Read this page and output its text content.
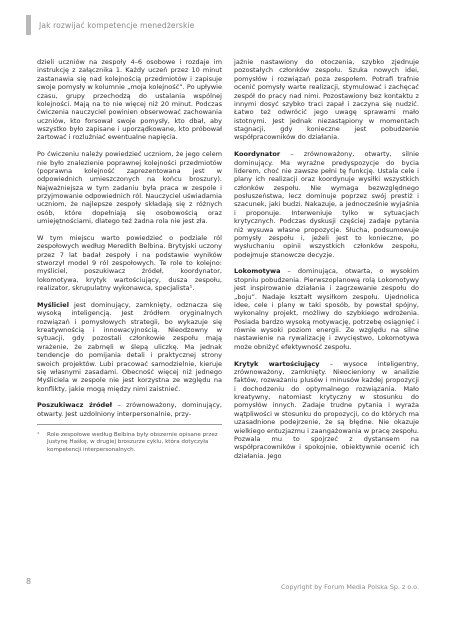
Jak rozwijać kompetencje menedżerskie

dzieli uczniów na zespoły 4–6 osobowe i rozdaje im instrukcję z załącznika 1. Każdy uczeń przez 10 minut zastanawia się nad kolejnością przedmiotów i zapisuje swoje pomysły w kolumnie „moja kolejność”. Po upływie czasu, grupy przechodzą do ustalania wspólnej kolejności. Mają na to nie więcej niż 20 minut. Podczas ćwiczenia nauczyciel powinien obserwować zachowania uczniów, kto forsował swoje pomysły, kto dbał, aby wszystko było zapisane i uporządkowane, kto próbował żartować i rozluźniać ewentualne napięcia.

Po ćwiczeniu należy powiedzieć uczniom, że jego celem nie było znalezienie poprawnej kolejności przedmiotów (poprawna kolejność zaprezentowana jest w odpowiednich umieszczonych na końcu broszury). Najważniejsza w tym zadaniu była praca w zespole i przyjmowanie odpowiednich ról. Nauczyciel uświadamia uczniom, że najlepsze zespoły składają się z różnych osób, które dopełniają się osobowością oraz umiejętnościami, dlatego też żadna rola nie jest zła.

W tym miejscu warto powiedzieć o podziale ról zespołowych według Meredith Belbina. Brytyjski uczony przez 7 lat badał zespoły i na podstawie wyników stworzył model 9 ról zespołowych. Te role to kolejno: myśliciel, poszukiwacz źródeł, koordynator, lokomotywa, krytyk wartościujący, dusza zespołu, realizator, skrupulatny wykonawca, specjalista¹.

Myśliciel jest dominujący, zamknięty, odznacza się wysoką inteligencją. Jest źródłem oryginalnych rozwiązań i pomysłowych strategii, bo wykazuje się kreatywnością i innowacyjnością. Nieodzowny w sytuacji, gdy pozostali członkowie zespołu mają wrażenie, że zabrnęli w ślepą uliczkę. Ma jednak tendencje do pomijania detali i praktycznej strony swoich projektów. Lubi pracować samodzielnie, kieruje się własnymi zasadami. Obecność więcej niż jednego Myśliciela w zespole nie jest korzystna ze względu na konflikty, jakie mogą między nimi zaistnieć.

Poszukiwacz źródeł – zrównoważony, dominujący, otwarty. Jest uzdolniony interpersonalnie, przy-

¹	Role zespołowe według Belbina były obszernie opisane przez Justynę Haśkę, w drugiej broszurze cyklu, która dotyczyła kompetencji interpersonalnych.

jaźnie nastawiony do otoczenia, szybko zjednuje pozostałych członków zespołu. Szuka nowych idei, pomysłów i rozwiązań poza zespołem. Potrafi trafnie ocenić pomysły warte realizacji, stymulować i zachęcać zespół do pracy nad nimi. Pozostawiony bez kontaktu z innymi dosyć szybko traci zapał i zaczyna się nudzić. Łatwo też odwrócić jego uwagę sprawami mało istotnymi. Jest jednak niezastąpiony w momentach stagnacji, gdy konieczne jest pobudzenie współpracowników do działania.

Koordynator – zrównoważony, otwarty, silnie dominujący. Ma wyraźne predyspozycje do bycia liderem, choć nie zawsze pełni tę funkcję. Ustala cele i plany ich realizacji oraz koordynuje wysiłki wszystkich członków zespołu. Nie wymaga bezwzględnego posłuszeństwa, lecz dominuje poprzez swój prestiż i szacunek, jaki budzi. Nakazuje, a jednocześnie wyjaśnia i proponuje. Interweniuje tylko w sytuacjach krytycznych. Podczas dyskusji częściej zadaje pytania niż wysuwa własne propozycje. Słucha, podsumowuje pomysły zespołu i, jeżeli jest to konieczne, po wysłuchaniu opinii wszystkich członków zespołu, podejmuje stanowcze decyzje.

Lokomotywa – dominująca, otwarta, o wysokim stopniu pobudzenia. Pierwszoplanową rolą Lokomotywy jest inspirowanie działania i zagrzewanie zespołu do „boju”. Nadaje kształt wysiłkom zespołu. Ujednolica idee, cele i plany w taki sposób, by powstał spójny, wykonalny projekt, możliwy do szybkiego wdrożenia. Posiada bardzo wysoką motywację, potrzebę osiągnięć i równie wysoki poziom energii. Ze względu na silne nastawienie na rywalizację i zwycięstwo, Lokomotywa może obniżyć efektywność zespołu.

Krytyk wartościujący – wysoce inteligentny, zrównoważony, zamknięty. Nieocieniony w analizie faktów, rozważaniu plusów i minusów każdej propozycji i dochodzeniu do optymalnego rozwiązania. Mało kreatywny, natomiast krytyczny w stosunku do pomysłów innych. Zadaje trudne pytania i wyraża wątpliwości w stosunku do propozycji, co do których ma uzasadnione podejrzenie, że są błędne. Nie okazuje wielkiego entuzjazmu i zaangażowania w pracę zespołu. Pozwala mu to spojrzeć z dystansem na współpracowników i spokojnie, obiektywnie ocenić ich działania. Jego

8
Copyright by Forum Media Polska Sp. z o.o.
